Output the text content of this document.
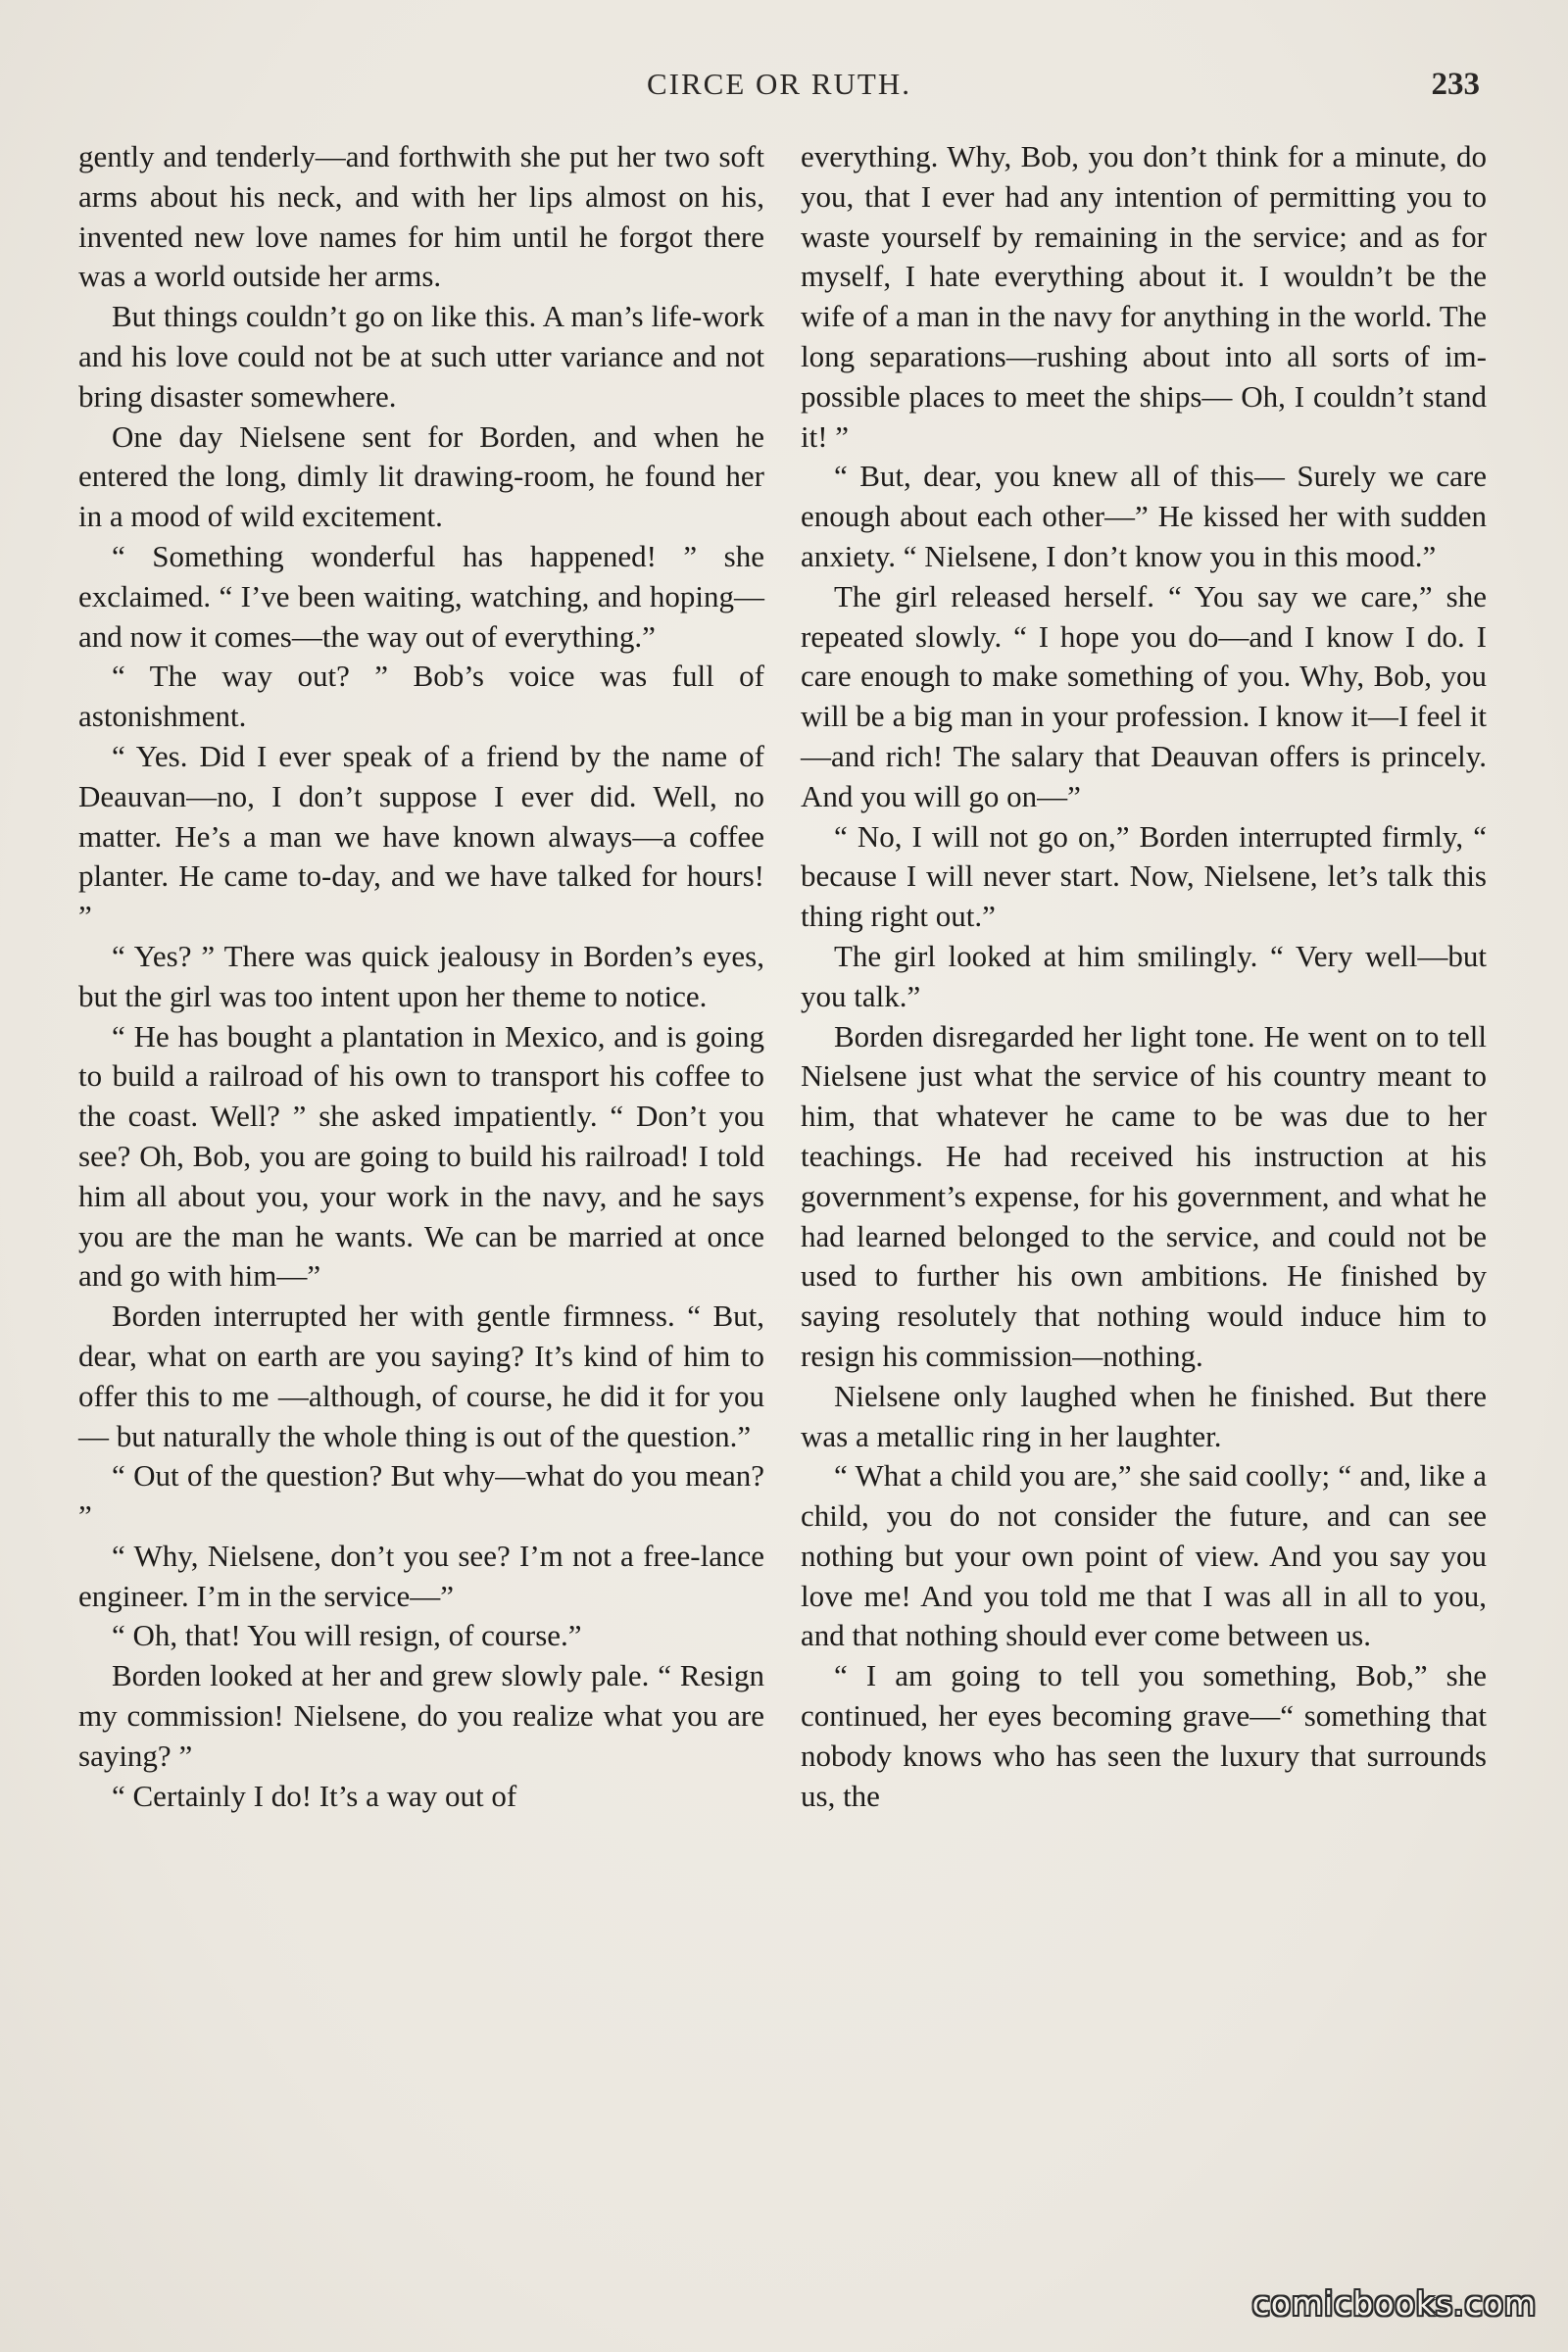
CIRCE OR RUTH.	233

gently and tenderly—and forthwith she put her two soft arms about his neck, and with her lips almost on his, invented new love names for him until he forgot there was a world outside her arms.

But things couldn’t go on like this. A man’s life-work and his love could not be at such utter variance and not bring disaster somewhere.

One day Nielsene sent for Borden, and when he entered the long, dimly lit drawing-room, he found her in a mood of wild excitement.

“ Something wonderful has happened! ” she exclaimed. “ I’ve been waiting, watching, and hoping—and now it comes—the way out of everything.”

“ The way out? ” Bob’s voice was full of astonishment.

“ Yes. Did I ever speak of a friend by the name of Deauvan—no, I don’t suppose I ever did. Well, no matter. He’s a man we have known always—a coffee planter. He came to-day, and we have talked for hours! ”

“ Yes? ” There was quick jealousy in Borden’s eyes, but the girl was too intent upon her theme to notice.

“ He has bought a plantation in Mexico, and is going to build a railroad of his own to transport his coffee to the coast. Well? ” she asked impatiently. “ Don’t you see? Oh, Bob, you are going to build his railroad! I told him all about you, your work in the navy, and he says you are the man he wants. We can be married at once and go with him—”

Borden interrupted her with gentle firmness. “ But, dear, what on earth are you saying? It’s kind of him to offer this to me —although, of course, he did it for you— but naturally the whole thing is out of the question.”

“ Out of the question? But why—what do you mean? ”

“ Why, Nielsene, don’t you see? I’m not a free-lance engineer. I’m in the service—”

“ Oh, that! You will resign, of course.”

Borden looked at her and grew slowly pale. “ Resign my commission! Nielsene, do you realize what you are saying? ”

“ Certainly I do! It’s a way out of

everything. Why, Bob, you don’t think for a minute, do you, that I ever had any intention of permitting you to waste yourself by remaining in the service; and as for myself, I hate everything about it. I wouldn’t be the wife of a man in the navy for anything in the world. The long separations—rushing about into all sorts of impossible places to meet the ships— Oh, I couldn’t stand it! ”

“ But, dear, you knew all of this— Surely we care enough about each other—” He kissed her with sudden anxiety. “ Nielsene, I don’t know you in this mood.”

The girl released herself. “ You say we care,” she repeated slowly. “ I hope you do—and I know I do. I care enough to make something of you. Why, Bob, you will be a big man in your profession. I know it—I feel it—and rich! The salary that Deauvan offers is princely. And you will go on—”

“ No, I will not go on,” Borden interrupted firmly, “ because I will never start. Now, Nielsene, let’s talk this thing right out.”

The girl looked at him smilingly. “ Very well—but you talk.”

Borden disregarded her light tone. He went on to tell Nielsene just what the service of his country meant to him, that whatever he came to be was due to her teachings. He had received his instruction at his government’s expense, for his government, and what he had learned belonged to the service, and could not be used to further his own ambitions. He finished by saying resolutely that nothing would induce him to resign his commission—nothing.

Nielsene only laughed when he finished. But there was a metallic ring in her laughter.

“ What a child you are,” she said coolly; “ and, like a child, you do not consider the future, and can see nothing but your own point of view. And you say you love me! And you told me that I was all in all to you, and that nothing should ever come between us.

“ I am going to tell you something, Bob,” she continued, her eyes becoming grave—“ something that nobody knows who has seen the luxury that surrounds us, the

comicbooks.com
